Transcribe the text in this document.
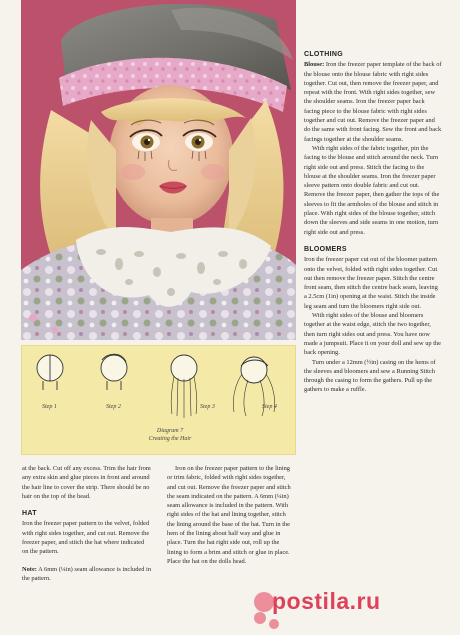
Step 1	Step 2	Step 3	Step 4
Diagram 7
Creating the Hair
CLOTHING

Blouse: Iron the freezer paper template of the back of the blouse onto the blouse fabric with right sides together. Cut out, then remove the freezer paper, and repeat with the front. With right sides together, sew the shoulder seams. Iron the freezer paper back facing piece to the blouse fabric with right sides together and cut out. Remove the freezer paper and do the same with front facing. Sew the front and back facings together at the shoulder seams.

With right sides of the fabric together, pin the facing to the blouse and stitch around the neck. Turn right side out and press. Stitch the facing to the blouse at the shoulder seams. Iron the freezer paper sleeve pattern onto double fabric and cut out. Remove the freezer paper, then gather the tops of the sleeves to fit the armholes of the blouse and stitch in place. With right sides of the blouse together, stitch down the sleeves and side seams in one motion, turn right side out and press.

BLOOMERS

Iron the freezer paper cut out of the bloomer pattern onto the velvet, folded with right sides together. Cut out then remove the freezer paper. Stitch the centre front seam, then stitch the centre back seam, leaving a 2.5cm (1in) opening at the waist. Stitch the inside leg seam and turn the bloomers right side out.

With right sides of the blouse and bloomers together at the waist edge, stitch the two together, then turn right sides out and press. You have now made a jumpsuit. Place it on your doll and sew up the back opening.

Turn under a 12mm (½in) casing on the hems of the sleeves and bloomers and sew a Running Stitch through the casing to form the gathers. Pull up the gathers to make a ruffle.

at the back. Cut off any excess. Trim the hair from any extra skin and glue pieces in front and around the hair line to cover the strip. There should be no hair on the top of the head.

HAT

Iron the freezer paper pattern to the velvet, folded with right sides together, and cut out. Remove the freezer paper, and stitch the hat where indicated on the pattern.

Note: A 6mm (¼in) seam allowance is included in the pattern.

Iron on the freezer paper pattern to the lining or trim fabric, folded with right sides together, and cut out. Remove the freezer paper and stitch the seam indicated on the pattern. A 6mm (¼in) seam allowance is included in the pattern. With right sides of the hat and lining together, stitch the lining around the base of the hat. Turn in the hem of the lining about half way and glue in place. Turn the hat right side out, roll up the lining to form a brim and stitch or glue in place. Place the hat on the dolls head.

postila.ru
